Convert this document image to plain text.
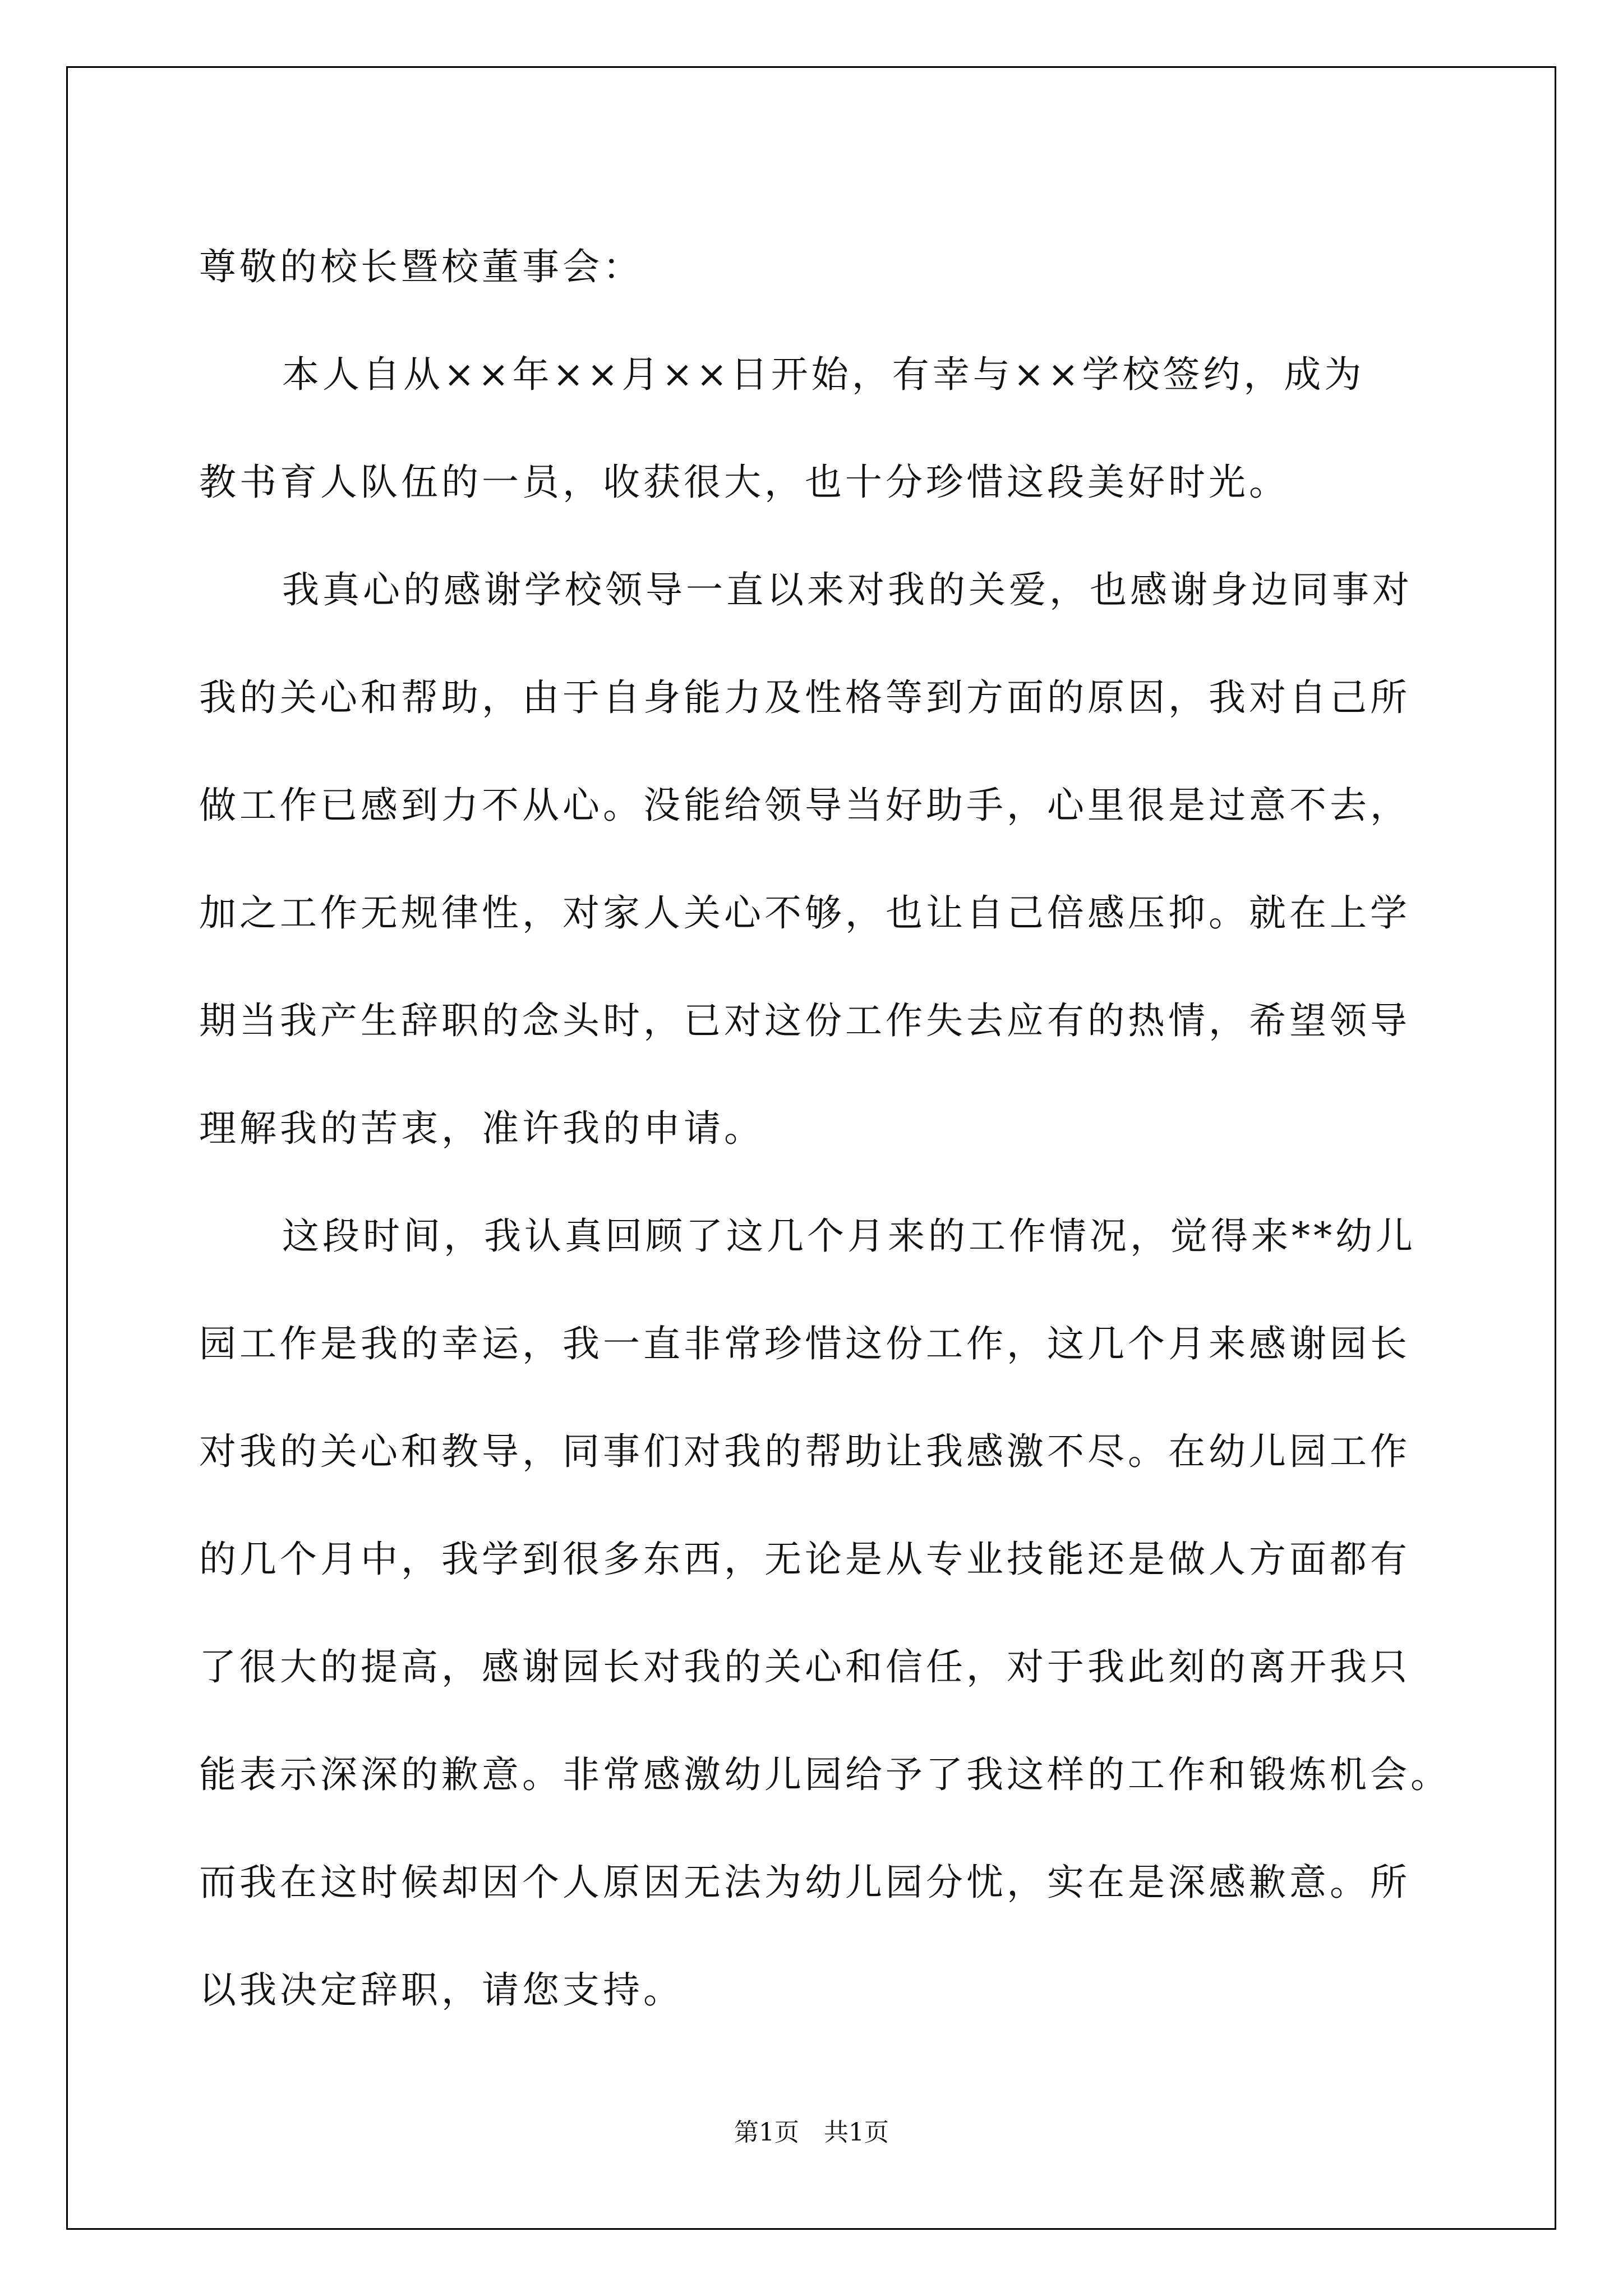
尊敬的校长暨校董事会：
本人自从××年××月××日开始，有幸与××学校签约，成为
教书育人队伍的一员，收获很大，也十分珍惜这段美好时光。
我真心的感谢学校领导一直以来对我的关爱，也感谢身边同事对
我的关心和帮助，由于自身能力及性格等到方面的原因，我对自己所
做工作已感到力不从心。没能给领导当好助手，心里很是过意不去，
加之工作无规律性，对家人关心不够，也让自己倍感压抑。就在上学
期当我产生辞职的念头时，已对这份工作失去应有的热情，希望领导
理解我的苦衷，准许我的申请。
这段时间，我认真回顾了这几个月来的工作情况，觉得来**幼儿
园工作是我的幸运，我一直非常珍惜这份工作，这几个月来感谢园长
对我的关心和教导，同事们对我的帮助让我感激不尽。在幼儿园工作
的几个月中，我学到很多东西，无论是从专业技能还是做人方面都有
了很大的提高，感谢园长对我的关心和信任，对于我此刻的离开我只
能表示深深的歉意。非常感激幼儿园给予了我这样的工作和锻炼机会。
而我在这时候却因个人原因无法为幼儿园分忧，实在是深感歉意。所
以我决定辞职，请您支持。
第1页　共1页
